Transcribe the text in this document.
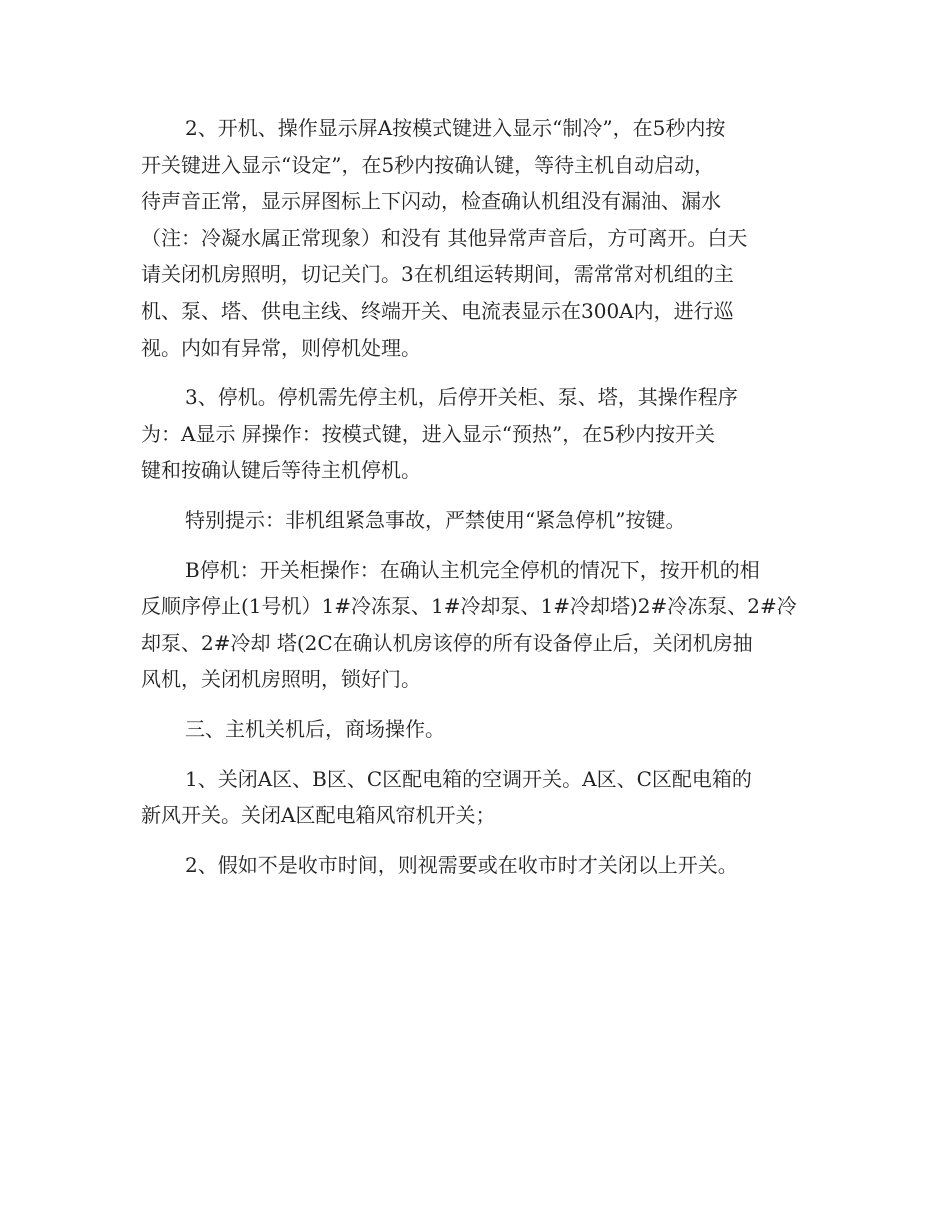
2、开机、操作显示屏A按模式键进入显示“制冷”，在5秒内按
开关键进入显示“设定”，在5秒内按确认键，等待主机自动启动，
待声音正常，显示屏图标上下闪动，检查确认机组没有漏油、漏水
（注：冷凝水属正常现象）和没有 其他异常声音后，方可离开。白天
请关闭机房照明，切记关门。3在机组运转期间，需常常对机组的主
机、泵、塔、供电主线、终端开关、电流表显示在300A内，进行巡
视。内如有异常，则停机处理。

3、停机。停机需先停主机，后停开关柜、泵、塔，其操作程序
为：A显示 屏操作：按模式键，进入显示“预热”，在5秒内按开关
键和按确认键后等待主机停机。

特别提示：非机组紧急事故，严禁使用“紧急停机”按键。

B停机：开关柜操作：在确认主机完全停机的情况下，按开机的相
反顺序停止(1号机）1#冷冻泵、1#冷却泵、1#冷却塔)2#冷冻泵、2#冷
却泵、2#冷却 塔(2C在确认机房该停的所有设备停止后，关闭机房抽
风机，关闭机房照明，锁好门。

三、主机关机后，商场操作。

1、关闭A区、B区、C区配电箱的空调开关。A区、C区配电箱的
新风开关。关闭A区配电箱风帘机开关；

2、假如不是收市时间，则视需要或在收市时才关闭以上开关。
